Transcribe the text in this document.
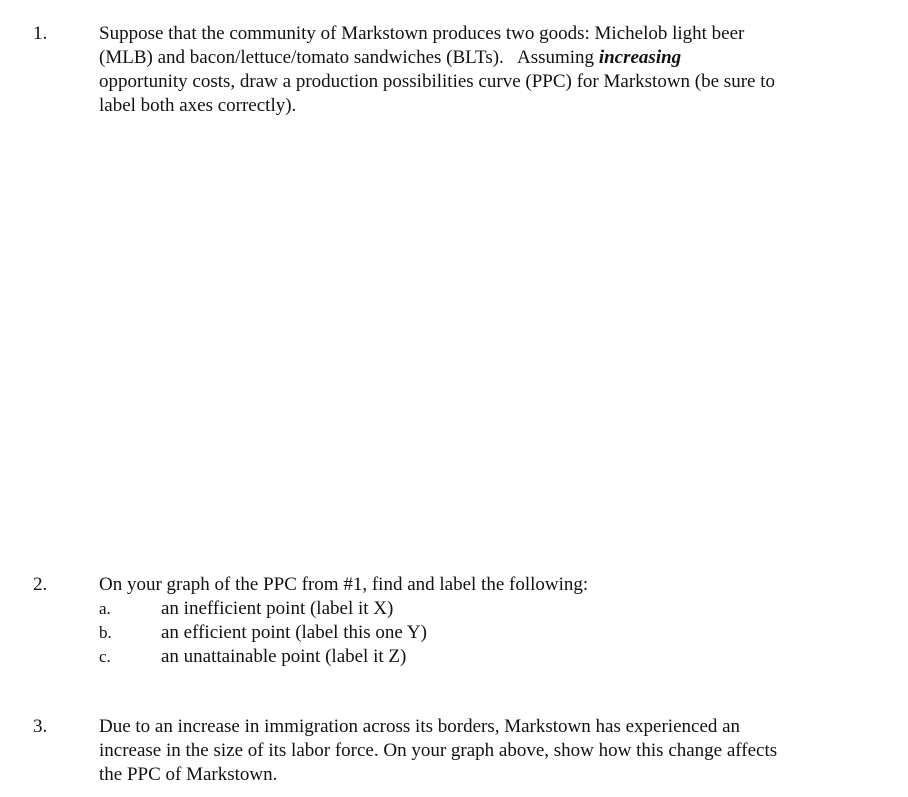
1.	Suppose that the community of Markstown produces two goods: Michelob light beer

(MLB) and bacon/lettuce/tomato sandwiches (BLTs).   Assuming increasing

opportunity costs, draw a production possibilities curve (PPC) for Markstown (be sure to

label both axes correctly).

2.	On your graph of the PPC from #1, find and label the following:

a.	an inefficient point (label it X)
b.	an efficient point (label this one Y)
c.	an unattainable point (label it Z)
3.	Due to an increase in immigration across its borders, Markstown has experienced an

increase in the size of its labor force. On your graph above, show how this change affects

the PPC of Markstown.
